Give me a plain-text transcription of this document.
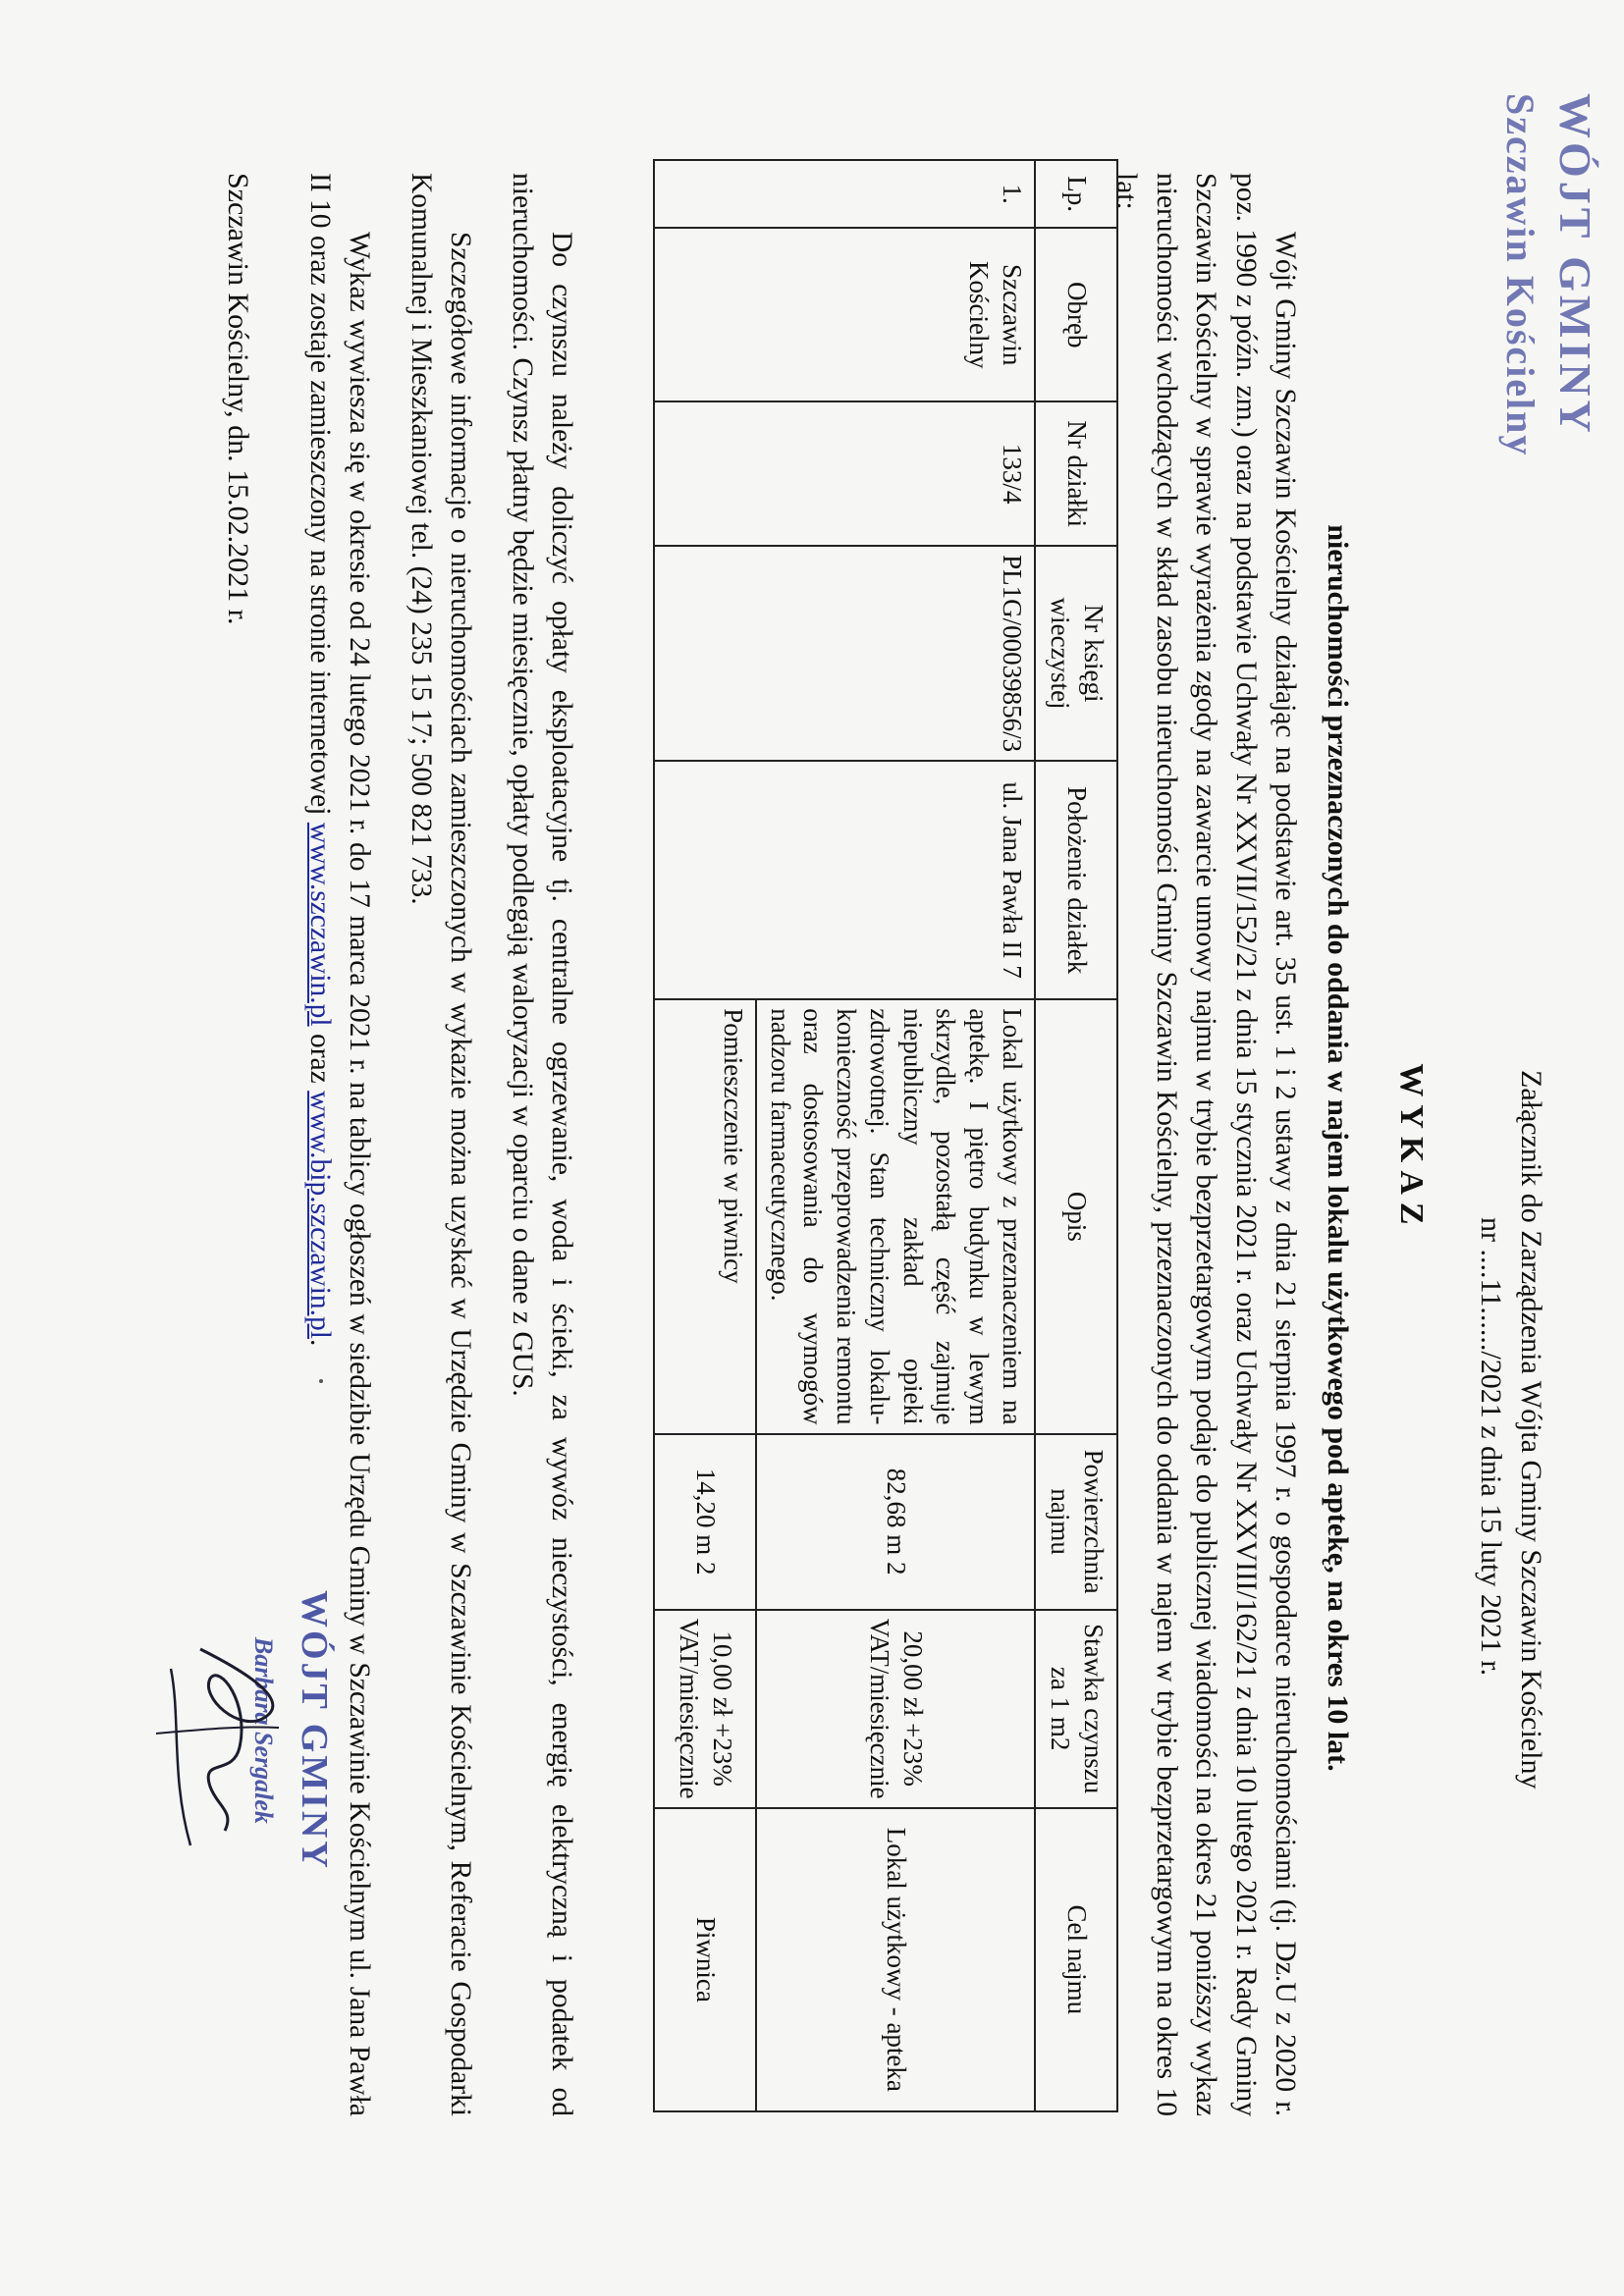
WÓJT GMINY
Szczawin Kościelny
Załącznik do Zarządzenia Wójta Gminy Szczawin Kościelny
nr ....11....../2021 z dnia 15 luty 2021 r.
WYKAZ
nieruchomości przeznaczonych do oddania w najem lokalu użytkowego pod aptekę, na okres 10 lat.

Wójt Gminy Szczawin Kościelny działając na podstawie art. 35 ust. 1 i 2 ustawy z dnia 21 sierpnia 1997 r. o gospodarce nieruchomościami (tj. Dz.U z 2020 r. poz. 1990 z późn. zm.) oraz na podstawie Uchwały Nr XXVII/152/21 z dnia 15 stycznia 2021 r. oraz Uchwały Nr XXVIII/162/21 z dnia 10 lutego 2021 r. Rady Gminy Szczawin Kościelny w sprawie wyrażenia zgody na zawarcie umowy najmu w trybie bezprzetargowym podaje do publicznej wiadomości na okres 21 poniższy wykaz nieruchomości wchodzących w skład zasobu nieruchomości Gminy Szczawin Kościelny, przeznaczonych do oddania w najem w trybie bezprzetargowym na okres 10 lat:

Lp.	Obręb	Nr działki	Nr księgi wieczystej	Położenie działek	Opis	Powierzchnia najmu	Stawka czynszu za 1 m2	Cel najmu
1.	Szczawin Kościelny	133/4	PL1G/00039856/3	ul. Jana Pawła II 7	Lokal użytkowy z przeznaczeniem na aptekę. I piętro budynku w lewym skrzydle, pozostałą część zajmuje niepubliczny zakład opieki zdrowotnej. Stan techniczny lokalu- konieczność przeprowadzenia remontu oraz dostosowania do wymogów nadzoru farmaceutycznego.	82,68 m 2	20,00 zł +23% VAT/miesięcznie	Lokal użytkowy - apteka
					Pomieszczenie w piwnicy	14,20 m 2	10,00 zł +23% VAT/miesięcznie	Piwnica

Do czynszu należy doliczyć opłaty eksploatacyjne tj. centralne ogrzewanie, woda i ścieki, za wywóz nieczystości, energię elektryczną i podatek od nieruchomości. Czynsz płatny będzie miesięcznie, opłaty podlegają waloryzacji w oparciu o dane z GUS.

Szczegółowe informacje o nieruchomościach zamieszczonych w wykazie można uzyskać w Urzędzie Gminy w Szczawinie Kościelnym, Referacie Gospodarki Komunalnej i Mieszkaniowej tel. (24) 235 15 17; 500 821 733.

Wykaz wywiesza się w okresie od 24 lutego 2021 r. do 17 marca 2021 r. na tablicy ogłoszeń w siedzibie Urzędu Gminy w Szczawinie Kościelnym ul. Jana Pawła II 10 oraz zostaje zamieszczony na stronie internetowej www.szczawin.pl oraz www.bip.szczawin.pl.

Szczawin Kościelny, dn. 15.02.2021 r.
WÓJT GMINY
Barbara Sergalek
